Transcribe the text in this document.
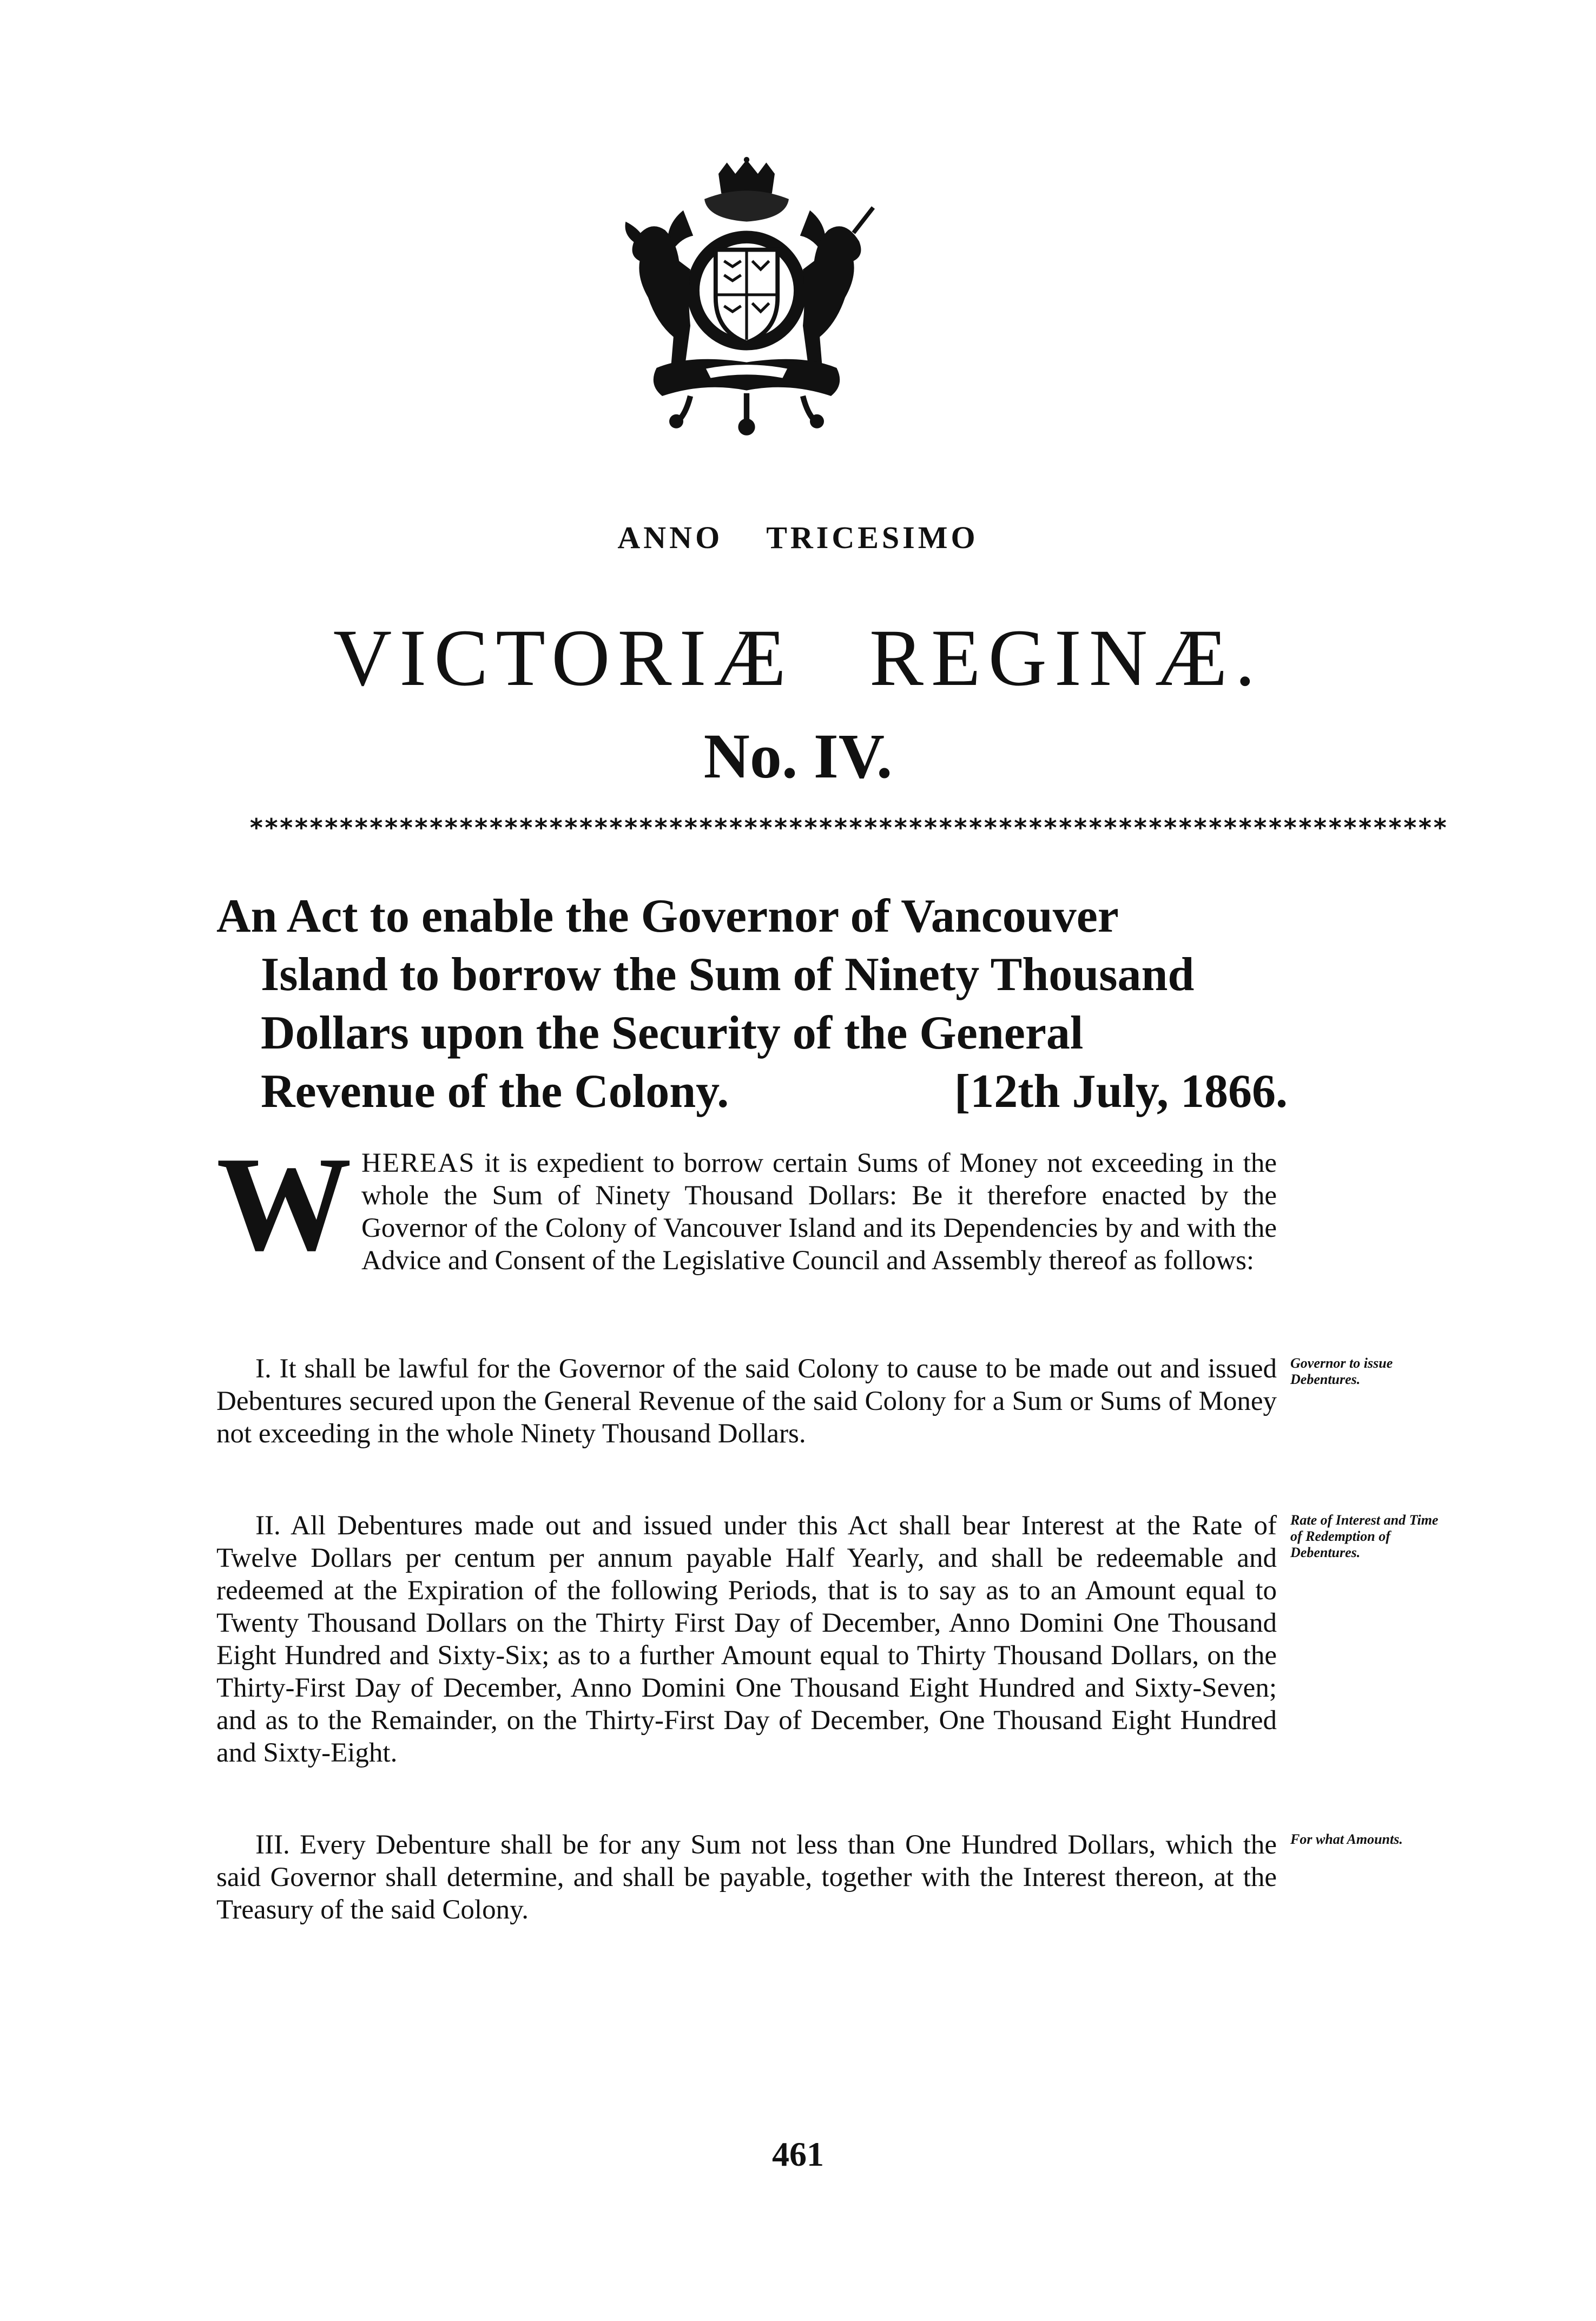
ANNO TRICESIMO
VICTORIÆ REGINÆ.
No. IV.
********************************************************************************
An Act to enable the Governor of Vancouver
Island to borrow the Sum of Ninety Thousand
Dollars upon the Security of the General
Revenue of the Colony.	[12th July, 1866.
WHEREAS it is expedient to borrow certain Sums of Money not exceeding in the whole the Sum of Ninety Thousand Dollars: Be it therefore enacted by the Governor of the Colony of Vancouver Island and its Dependencies by and with the Advice and Consent of the Legislative Council and Assembly thereof as follows:
I. It shall be lawful for the Governor of the said Colony to cause to be made out and issued Debentures secured upon the General Revenue of the said Colony for a Sum or Sums of Money not exceeding in the whole Ninety Thousand Dollars.
Governor to issue Debentures.
II. All Debentures made out and issued under this Act shall bear Interest at the Rate of Twelve Dollars per centum per annum payable Half Yearly, and shall be redeemable and redeemed at the Expiration of the following Periods, that is to say as to an Amount equal to Twenty Thousand Dollars on the Thirty First Day of December, Anno Domini One Thousand Eight Hundred and Sixty-Six; as to a further Amount equal to Thirty Thousand Dollars, on the Thirty-First Day of December, Anno Domini One Thousand Eight Hundred and Sixty-Seven; and as to the Remainder, on the Thirty-First Day of December, One Thousand Eight Hundred and Sixty-Eight.
Rate of Interest and Time of Redemption of Debentures.
III. Every Debenture shall be for any Sum not less than One Hundred Dollars, which the said Governor shall determine, and shall be payable, together with the Interest thereon, at the Treasury of the said Colony.
For what Amounts.
461
